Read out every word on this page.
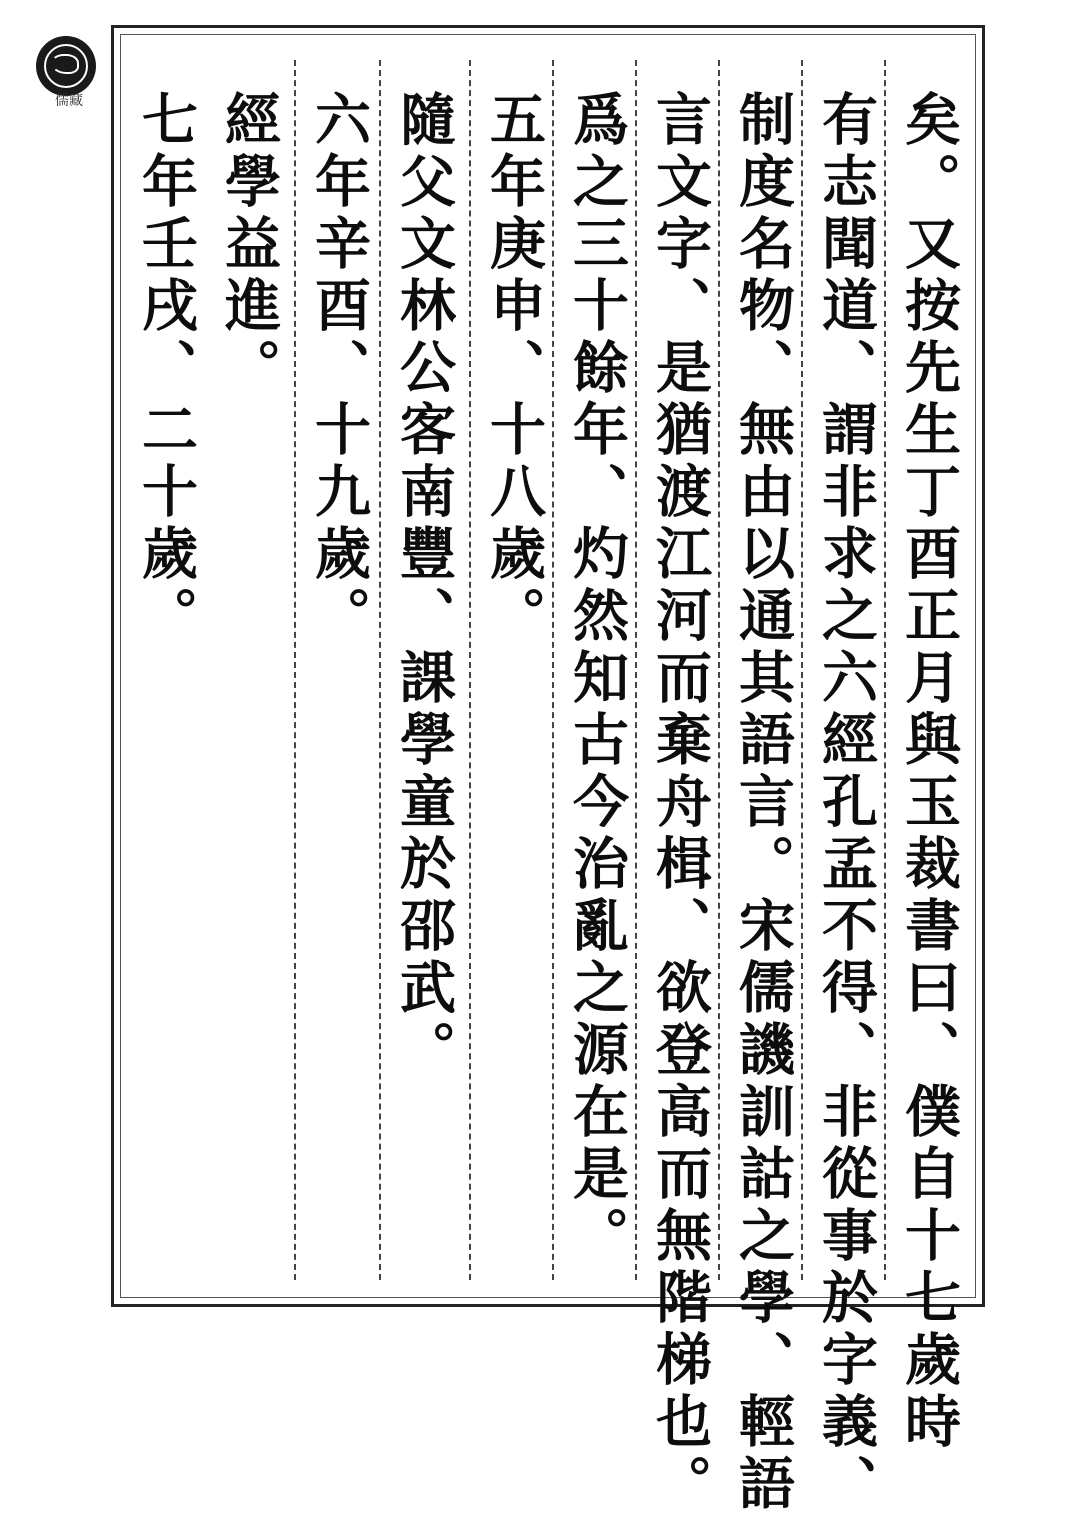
儒藏	矣。又按先生丁酉正月與玉裁書曰、僕自十七歲時
有志聞道、謂非求之六經孔孟不得、非從事於字義、
制度名物、無由以通其語言。宋儒譏訓詁之學、輕語
言文字、是猶渡江河而棄舟楫、欲登高而無階梯也。
爲之三十餘年、灼然知古今治亂之源在是。
五年庚申、十八歲。
隨父文林公客南豐、課學童於邵武。
六年辛酉、十九歲。
經學益進。
七年壬戌、二十歲。
